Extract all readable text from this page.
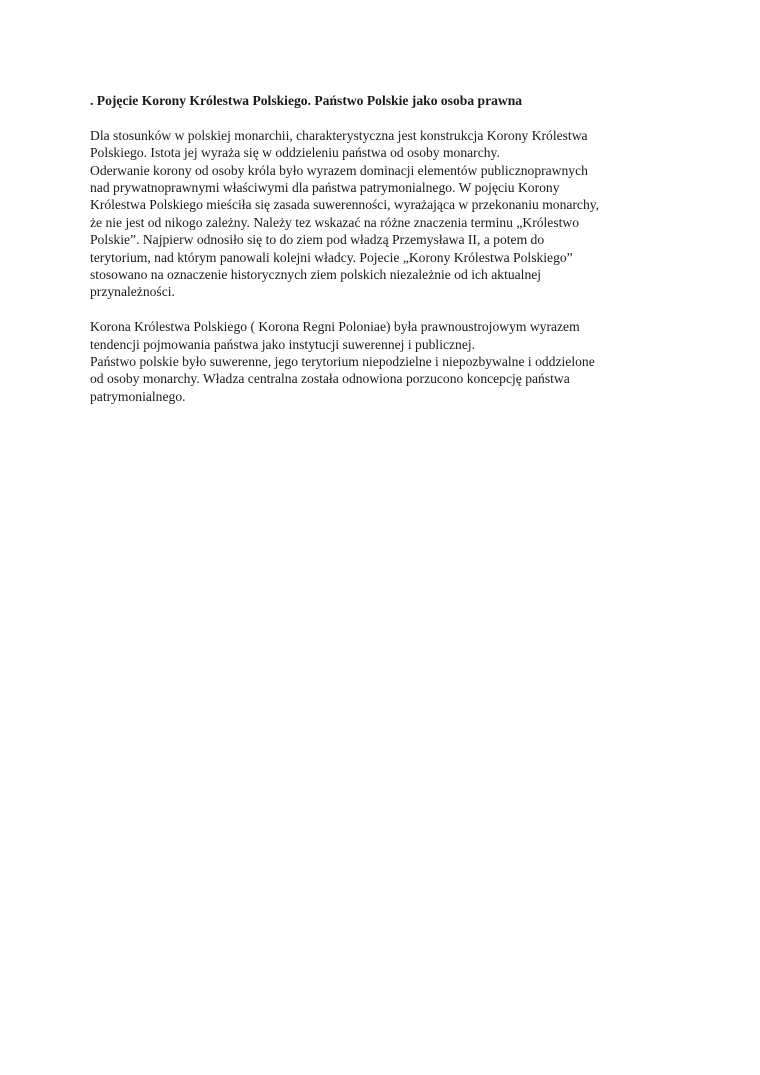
. Pojęcie Korony Królestwa Polskiego. Państwo Polskie jako osoba prawna
Dla stosunków w polskiej monarchii, charakterystyczna jest konstrukcja Korony Królestwa
Polskiego. Istota jej wyraża się w oddzieleniu państwa od osoby monarchy.
Oderwanie korony od osoby króla było wyrazem dominacji elementów publicznoprawnych
nad prywatnoprawnymi właściwymi dla państwa patrymonialnego. W pojęciu Korony
Królestwa Polskiego mieściła się zasada suwerenności, wyrażająca w przekonaniu monarchy,
że nie jest od nikogo zależny. Należy tez wskazać na różne znaczenia terminu „Królestwo
Polskie”. Najpierw odnosiło się to do ziem pod władzą Przemysława II, a potem do
terytorium, nad którym panowali kolejni władcy. Pojecie „Korony Królestwa Polskiego”
stosowano na oznaczenie historycznych ziem polskich niezależnie od ich aktualnej
przynależności.
Korona Królestwa Polskiego ( Korona Regni Poloniae) była prawnoustrojowym wyrazem
tendencji pojmowania państwa jako instytucji suwerennej i publicznej.
Państwo polskie było suwerenne, jego terytorium niepodzielne i niepozbywalne i oddzielone
od osoby monarchy. Władza centralna została odnowiona porzucono koncepcję państwa
patrymonialnego.
